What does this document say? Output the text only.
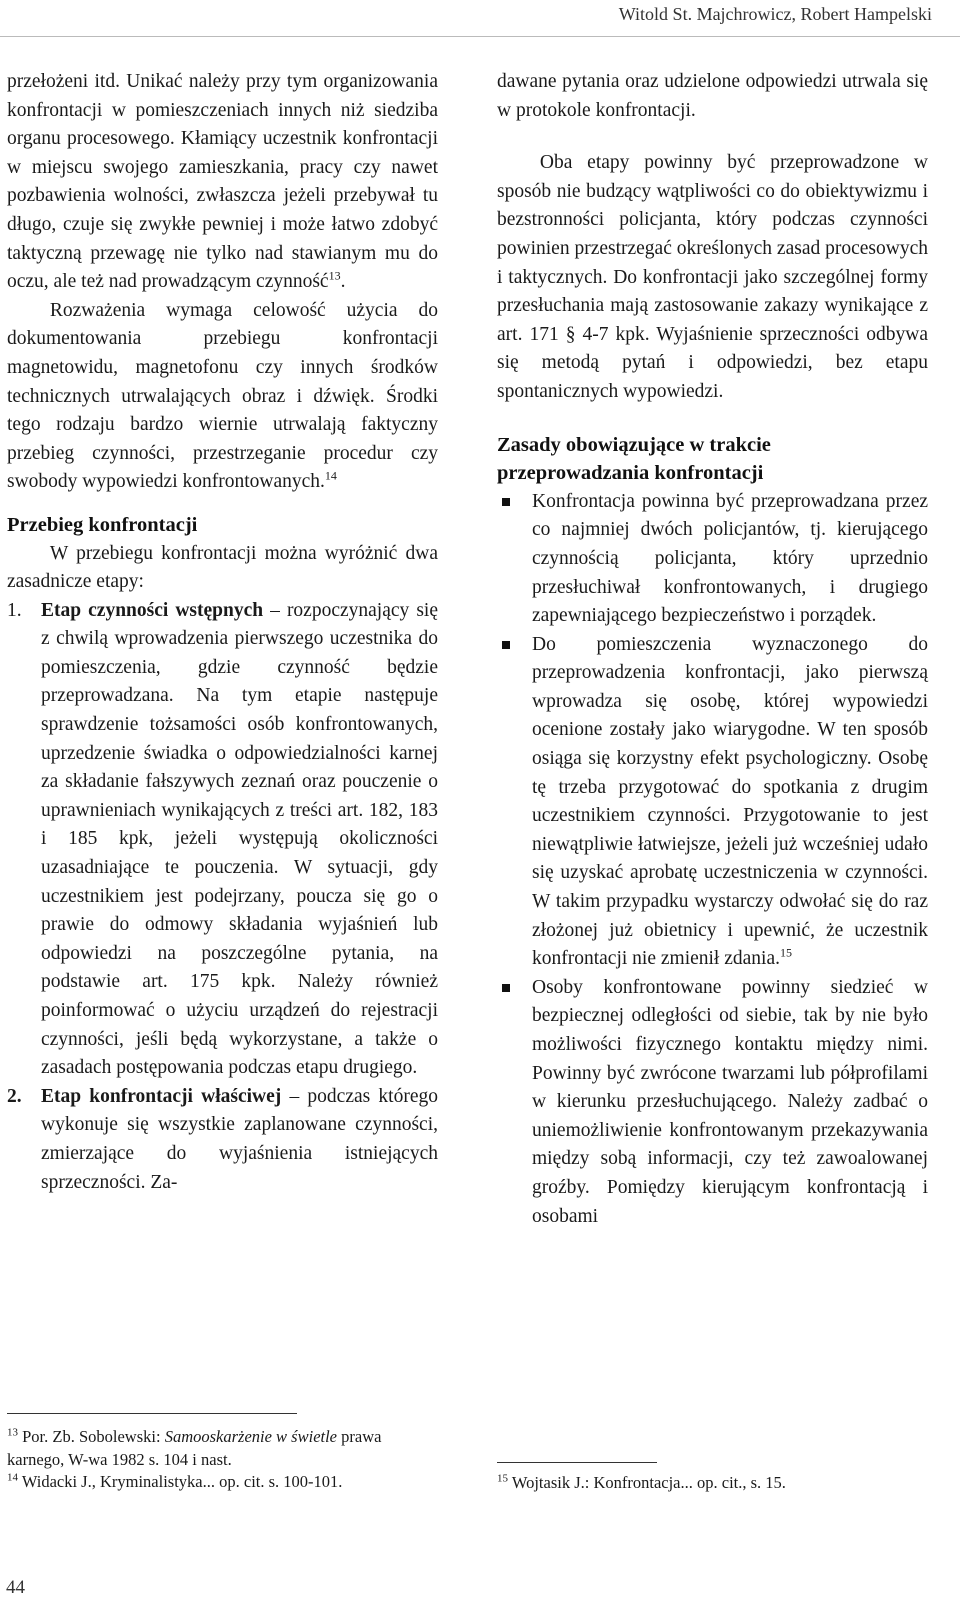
Witold St. Majchrowicz, Robert Hampelski

przełożeni itd. Unikać należy przy tym organizowania konfrontacji w pomieszczeniach innych niż siedziba organu procesowego. Kłamiący uczestnik konfrontacji w miejscu swojego zamieszkania, pracy czy nawet pozbawienia wolności, zwłaszcza jeżeli przebywał tu długo, czuje się zwykłe pewniej i może łatwo zdobyć taktyczną przewagę nie tylko nad stawianym mu do oczu, ale też nad prowadzącym czynność$^{13}$.

Rozważenia wymaga celowość użycia do dokumentowania przebiegu konfrontacji magnetowidu, magnetofonu czy innych środków technicznych utrwalających obraz i dźwięk. Środki tego rodzaju bardzo wiernie utrwalają faktyczny przebieg czynności, przestrzeganie procedur czy swobody wypowiedzi konfrontowanych.$^{14}$

Przebieg konfrontacji

W przebiegu konfrontacji można wyróżnić dwa zasadnicze etapy:

1. Etap czynności wstępnych – rozpoczynający się z chwilą wprowadzenia pierwszego uczestnika do pomieszczenia, gdzie czynność będzie przeprowadzana. Na tym etapie następuje sprawdzenie tożsamości osób konfrontowanych, uprzedzenie świadka o odpowiedzialności karnej za składanie fałszywych zeznań oraz pouczenie o uprawnieniach wynikających z treści art. 182, 183 i 185 kpk, jeżeli występują okoliczności uzasadniające te pouczenia. W sytuacji, gdy uczestnikiem jest podejrzany, poucza się go o prawie do odmowy składania wyjaśnień lub odpowiedzi na poszczególne pytania, na podstawie art. 175 kpk. Należy również poinformować o użyciu urządzeń do rejestracji czynności, jeśli będą wykorzystane, a także o zasadach postępowania podczas etapu drugiego.
2. Etap konfrontacji właściwej – podczas którego wykonuje się wszystkie zaplanowane czynności, zmierzające do wyjaśnienia istniejących sprzeczności. Za-

dawane pytania oraz udzielone odpowiedzi utrwala się w protokole konfrontacji.

Oba etapy powinny być przeprowadzone w sposób nie budzący wątpliwości co do obiektywizmu i bezstronności policjanta, który podczas czynności powinien przestrzegać określonych zasad procesowych i taktycznych. Do konfrontacji jako szczególnej formy przesłuchania mają zastosowanie zakazy wynikające z art. 171 § 4-7 kpk. Wyjaśnienie sprzeczności odbywa się metodą pytań i odpowiedzi, bez etapu spontanicznych wypowiedzi.

Zasady obowiązujące w trakcie przeprowadzania konfrontacji
Konfrontacja powinna być przeprowadzana przez co najmniej dwóch policjantów, tj. kierującego czynnością policjanta, który uprzednio przesłuchiwał konfrontowanych, i drugiego zapewniającego bezpieczeństwo i porządek.
Do pomieszczenia wyznaczonego do przeprowadzenia konfrontacji, jako pierwszą wprowadza się osobę, której wypowiedzi ocenione zostały jako wiarygodne. W ten sposób osiąga się korzystny efekt psychologiczny. Osobę tę trzeba przygotować do spotkania z drugim uczestnikiem czynności. Przygotowanie to jest niewątpliwie łatwiejsze, jeżeli już wcześniej udało się uzyskać aprobatę uczestniczenia w czynności. W takim przypadku wystarczy odwołać się do raz złożonej już obietnicy i upewnić, że uczestnik konfrontacji nie zmienił zdania.$^{15}$
Osoby konfrontowane powinny siedzieć w bezpiecznej odległości od siebie, tak by nie było możliwości fizycznego kontaktu między nimi. Powinny być zwrócone twarzami lub półprofilami w kierunku przesłuchującego. Należy zadbać o uniemożliwienie konfrontowanym przekazywania między sobą informacji, czy też zawoalowanej groźby. Pomiędzy kierującym konfrontacją i osobami
$^{13}$ Por. Zb. Sobolewski: Samooskarżenie w świetle prawa karnego, W-wa 1982 s. 104 i nast.
$^{14}$ Widacki J., Kryminalistyka... op. cit. s. 100-101.	$^{15}$ Wojtasik J.: Konfrontacja... op. cit., s. 15.
44
